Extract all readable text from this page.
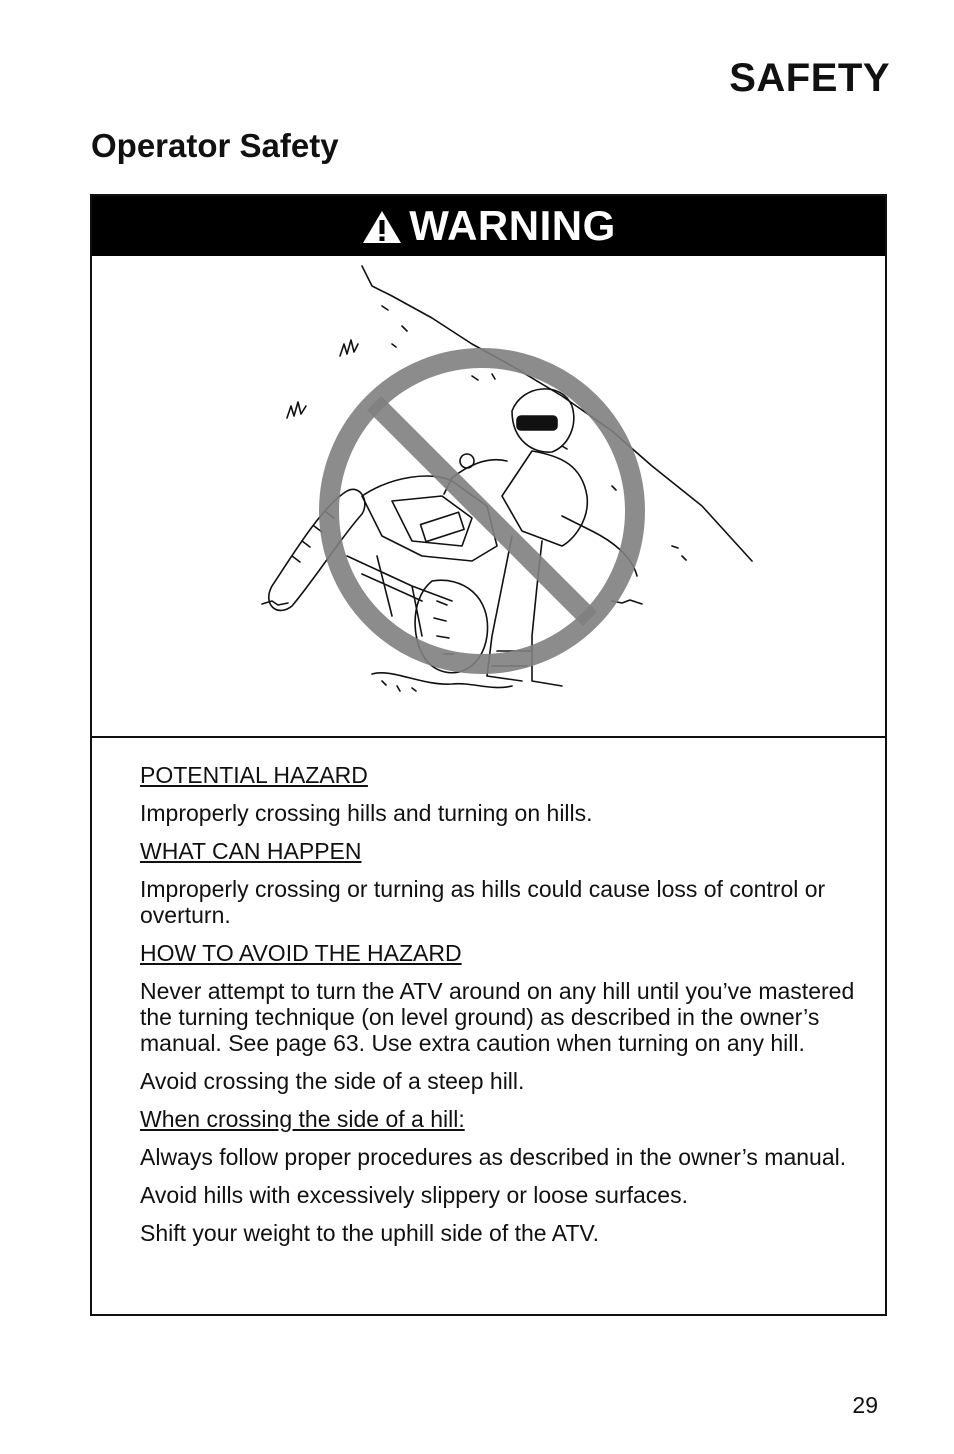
SAFETY
Operator Safety
WARNING

POTENTIAL HAZARD

Improperly crossing hills and turning on hills.

WHAT CAN HAPPEN

Improperly crossing or turning as hills could cause loss of control or overturn.

HOW TO AVOID THE HAZARD

Never attempt to turn the ATV around on any hill until you’ve mastered the turning technique (on level ground) as described in the owner’s manual. See page 63. Use extra caution when turning on any hill.

Avoid crossing the side of a steep hill.

When crossing the side of a hill:

Always follow proper procedures as described in the owner’s manual.

Avoid hills with excessively slippery or loose surfaces.

Shift your weight to the uphill side of the ATV.

29
